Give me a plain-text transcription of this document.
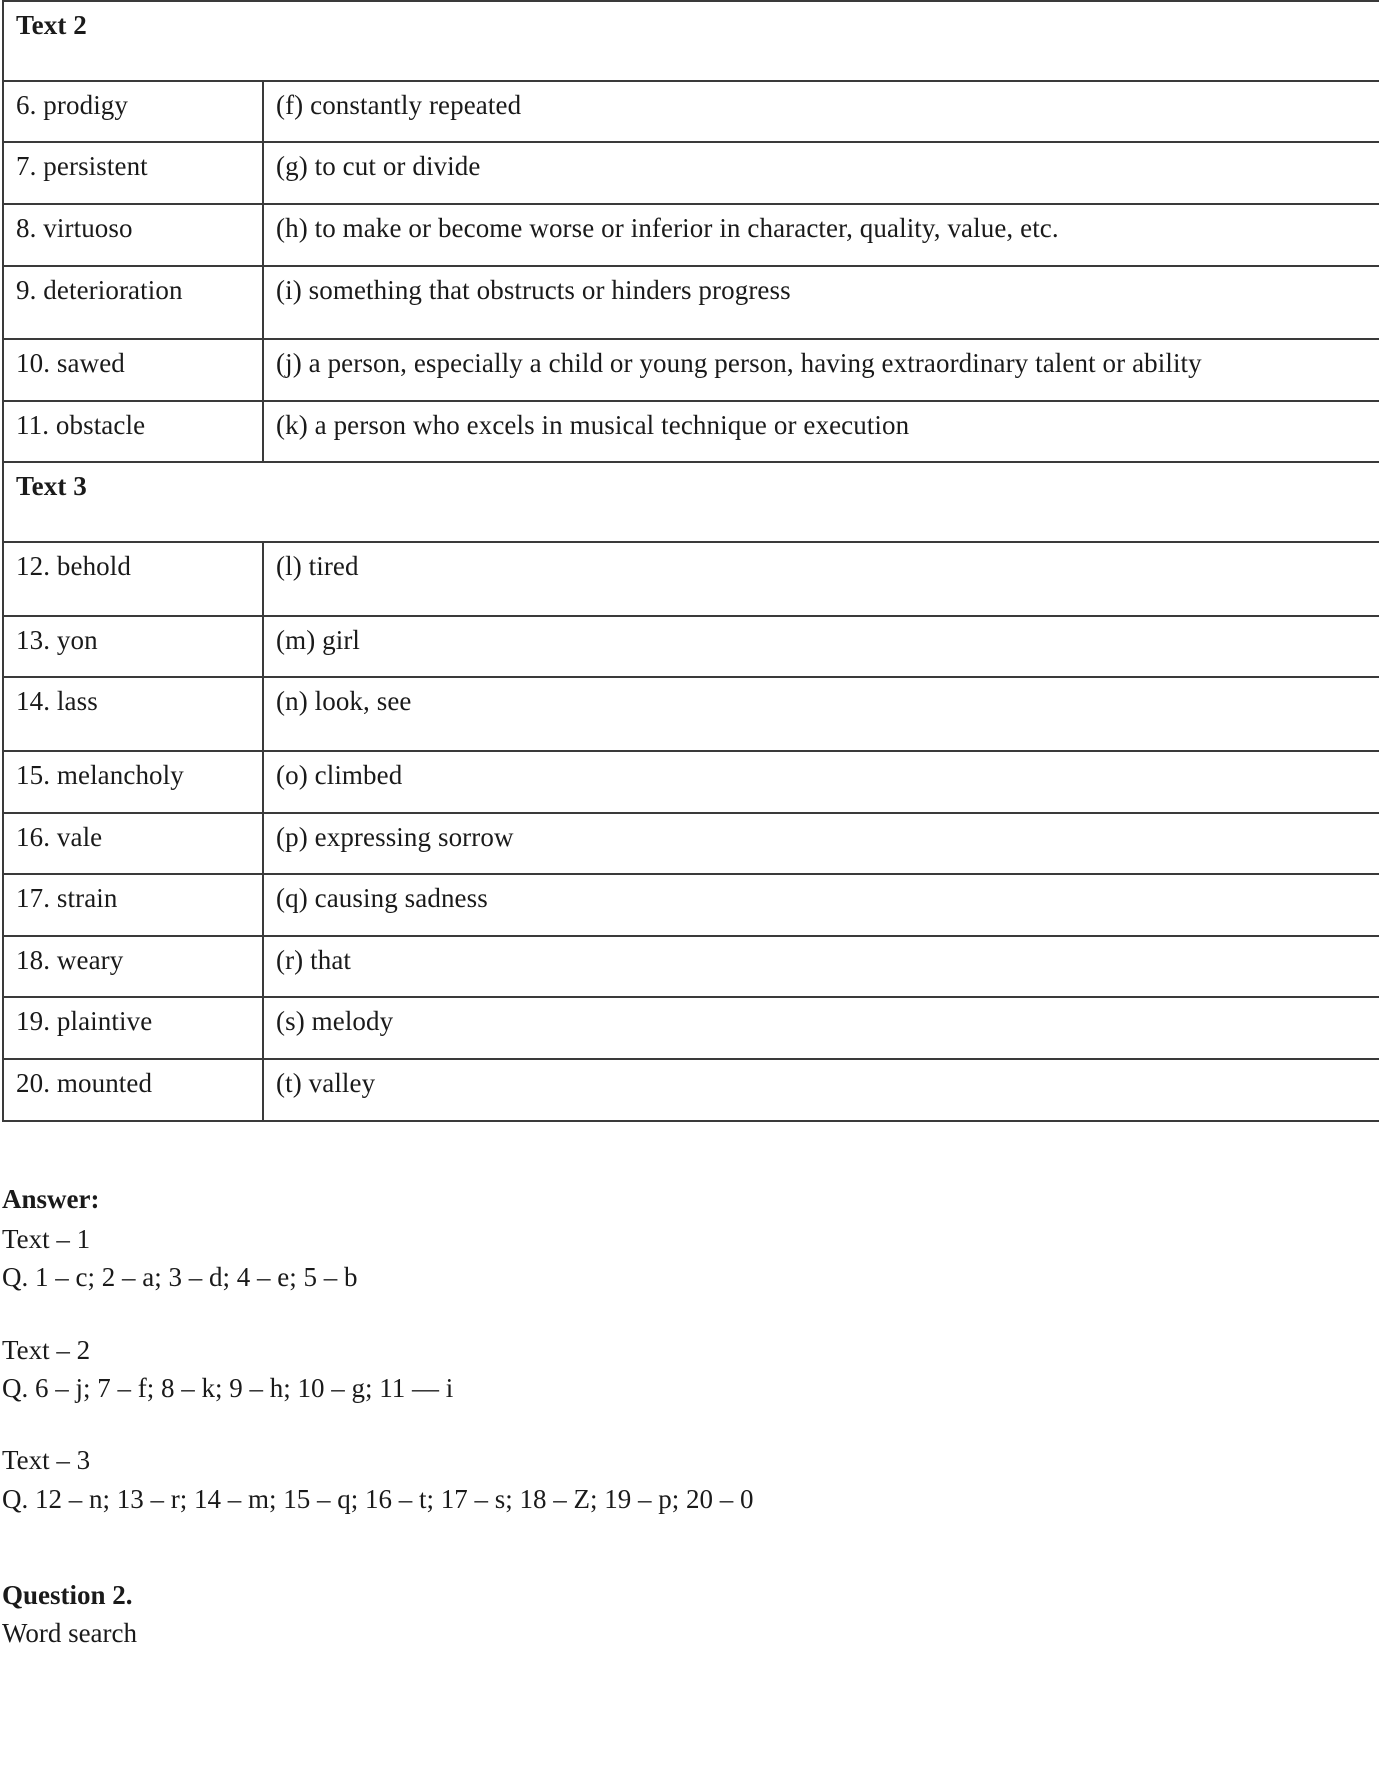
Text 2	
6. prodigy	(f) constantly repeated
7. persistent	(g) to cut or divide
8. virtuoso	(h) to make or become worse or inferior in character, quality, value, etc.
9. deterioration	(i) something that obstructs or hinders progress
10. sawed	(j) a person, especially a child or young person, having extraordinary talent or ability
11. obstacle	(k) a person who excels in musical technique or execution
Text 3	
12. behold	(l) tired
13. yon	(m) girl
14. lass	(n) look, see
15. melancholy	(o) climbed
16. vale	(p) expressing sorrow
17. strain	(q) causing sadness
18. weary	(r) that
19. plaintive	(s) melody
20. mounted	(t) valley
Answer:
Text – 1
Q. 1 – c; 2 – a; 3 – d; 4 – e; 5 – b
Text – 2
Q. 6 – j; 7 – f; 8 – k; 9 – h; 10 – g; 11 — i
Text – 3
Q. 12 – n; 13 – r; 14 – m; 15 – q; 16 – t; 17 – s; 18 – Z; 19 – p; 20 – 0
Question 2.
Word search
